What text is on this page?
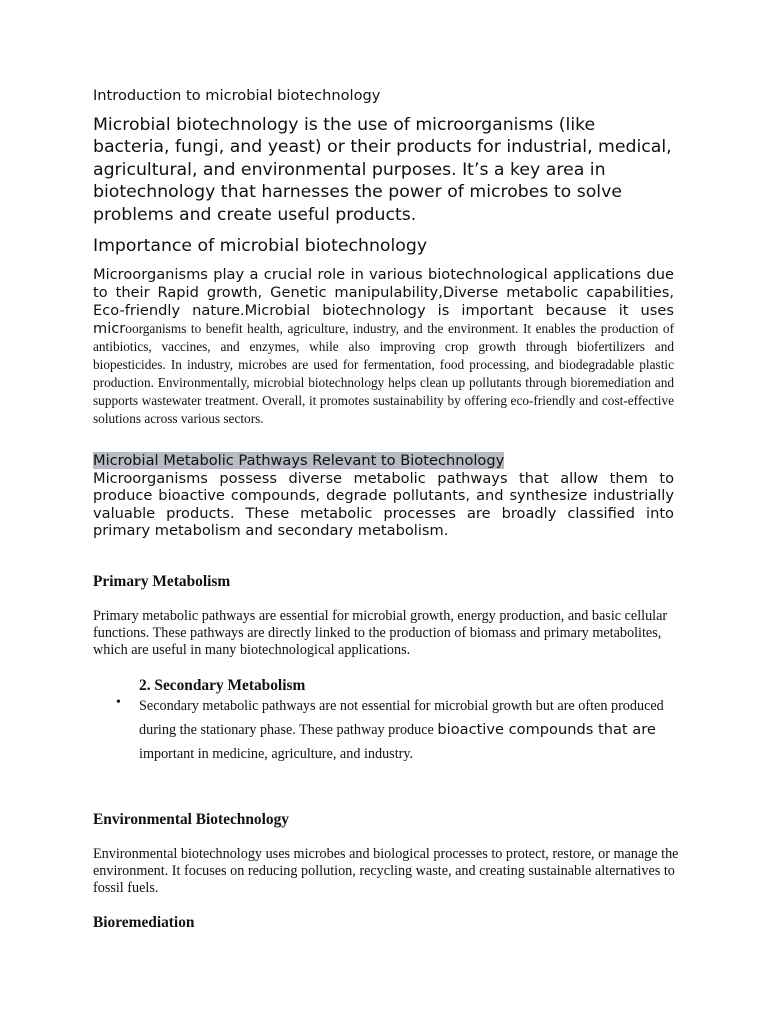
Introduction to microbial biotechnology
Microbial biotechnology is the use of microorganisms (like bacteria, fungi, and yeast) or their products for industrial, medical, agricultural, and environmental purposes. It’s a key area in biotechnology that harnesses the power of microbes to solve problems and create useful products.
Importance of microbial biotechnology
Microorganisms play a crucial role in various biotechnological applications due to their Rapid growth, Genetic manipulability,Diverse metabolic capabilities, Eco-friendly nature.Microbial biotechnology is important because it uses microorganisms to benefit health, agriculture, industry, and the environment. It enables the production of antibiotics, vaccines, and enzymes, while also improving crop growth through biofertilizers and biopesticides. In industry, microbes are used for fermentation, food processing, and biodegradable plastic production. Environmentally, microbial biotechnology helps clean up pollutants through bioremediation and supports wastewater treatment. Overall, it promotes sustainability by offering eco-friendly and cost-effective solutions across various sectors.
Microbial Metabolic Pathways Relevant to Biotechnology
Microorganisms possess diverse metabolic pathways that allow them to produce bioactive compounds, degrade pollutants, and synthesize industrially valuable products. These metabolic processes are broadly classified into primary metabolism and secondary metabolism.
Primary Metabolism
Primary metabolic pathways are essential for microbial growth, energy production, and basic cellular functions. These pathways are directly linked to the production of biomass and primary metabolites, which are useful in many biotechnological applications.
2. Secondary Metabolism
• Secondary metabolic pathways are not essential for microbial growth but are often produced during the stationary phase. These pathway produce bioactive compounds that are important in medicine, agriculture, and industry.
Environmental Biotechnology
Environmental biotechnology uses microbes and biological processes to protect, restore, or manage the environment. It focuses on reducing pollution, recycling waste, and creating sustainable alternatives to fossil fuels.
Bioremediation
